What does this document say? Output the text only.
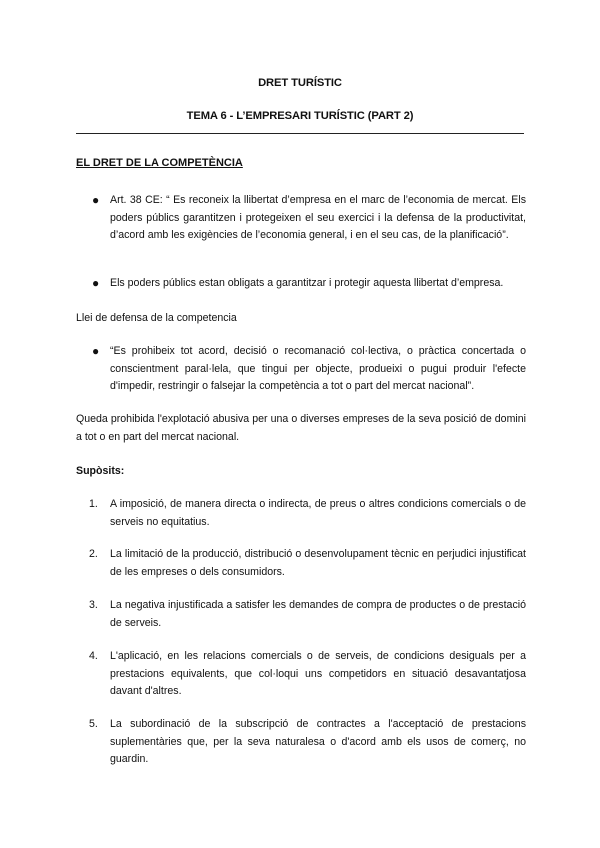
DRET TURÍSTIC
TEMA 6 - L’EMPRESARI TURÍSTIC (PART 2)
EL DRET DE LA COMPETÈNCIA
● Art. 38 CE: “ Es reconeix la llibertat d’empresa en el marc de l’economia de mercat. Els poders públics garantitzen i protegeixen el seu exercici i la defensa de la productivitat, d’acord amb les exigències de l’economia general, i en el seu cas, de la planificació”.
● Els poders públics estan obligats a garantitzar i protegir aquesta llibertat d’empresa.
Llei de defensa de la competencia
● “Es prohibeix tot acord, decisió o recomanació col·lectiva, o pràctica concertada o conscientment paral·lela, que tingui per objecte, produeixi o pugui produir l'efecte d'impedir, restringir o falsejar la competència a tot o part del mercat nacional”.
Queda prohibida l'explotació abusiva per una o diverses empreses de la seva posició de domini a tot o en part del mercat nacional.
Supòsits:
1. A imposició, de manera directa o indirecta, de preus o altres condicions comercials o de serveis no equitatius.
2. La limitació de la producció, distribució o desenvolupament tècnic en perjudici injustificat de les empreses o dels consumidors.
3. La negativa injustificada a satisfer les demandes de compra de productes o de prestació de serveis.
4. L'aplicació, en les relacions comercials o de serveis, de condicions desiguals per a prestacions equivalents, que col·loqui uns competidors en situació desavantatjosa davant d'altres.
5. La subordinació de la subscripció de contractes a l'acceptació de prestacions suplementàries que, per la seva naturalesa o d'acord amb els usos de comerç, no guardin.
